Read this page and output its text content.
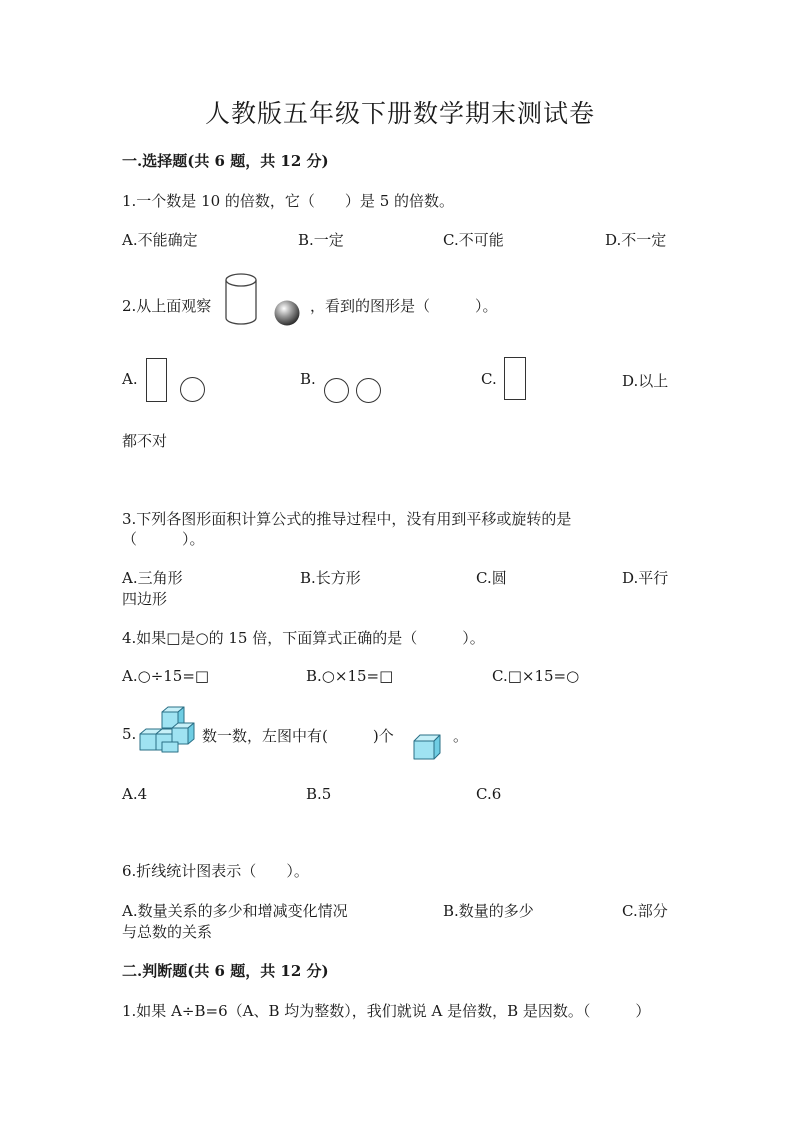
人教版五年级下册数学期末测试卷
一.选择题(共 6 题，共 12 分)
1.一个数是 10 的倍数，它（　　）是 5 的倍数。
A.不能确定	B.一定	C.不可能	D.不一定
2.从上面观察	，看到的图形是（　　　）。
A.	B.	C.	D.以上
都不对
3.下列各图形面积计算公式的推导过程中，没有用到平移或旋转的是
（　　　）。
A.三角形	B.长方形	C.圆	D.平行
四边形
4.如果□是○的 15 倍，下面算式正确的是（　　　）。
A.○÷15=□	B.○×15=□	C.□×15=○
5.	数一数，左图中有(　　　)个	。
A.4	B.5	C.6
6.折线统计图表示（　　）。
A.数量关系的多少和增减变化情况	B.数量的多少	C.部分
与总数的关系
二.判断题(共 6 题，共 12 分)
1.如果 A÷B=6（A、B 均为整数），我们就说 A 是倍数，B 是因数。（　　　）
